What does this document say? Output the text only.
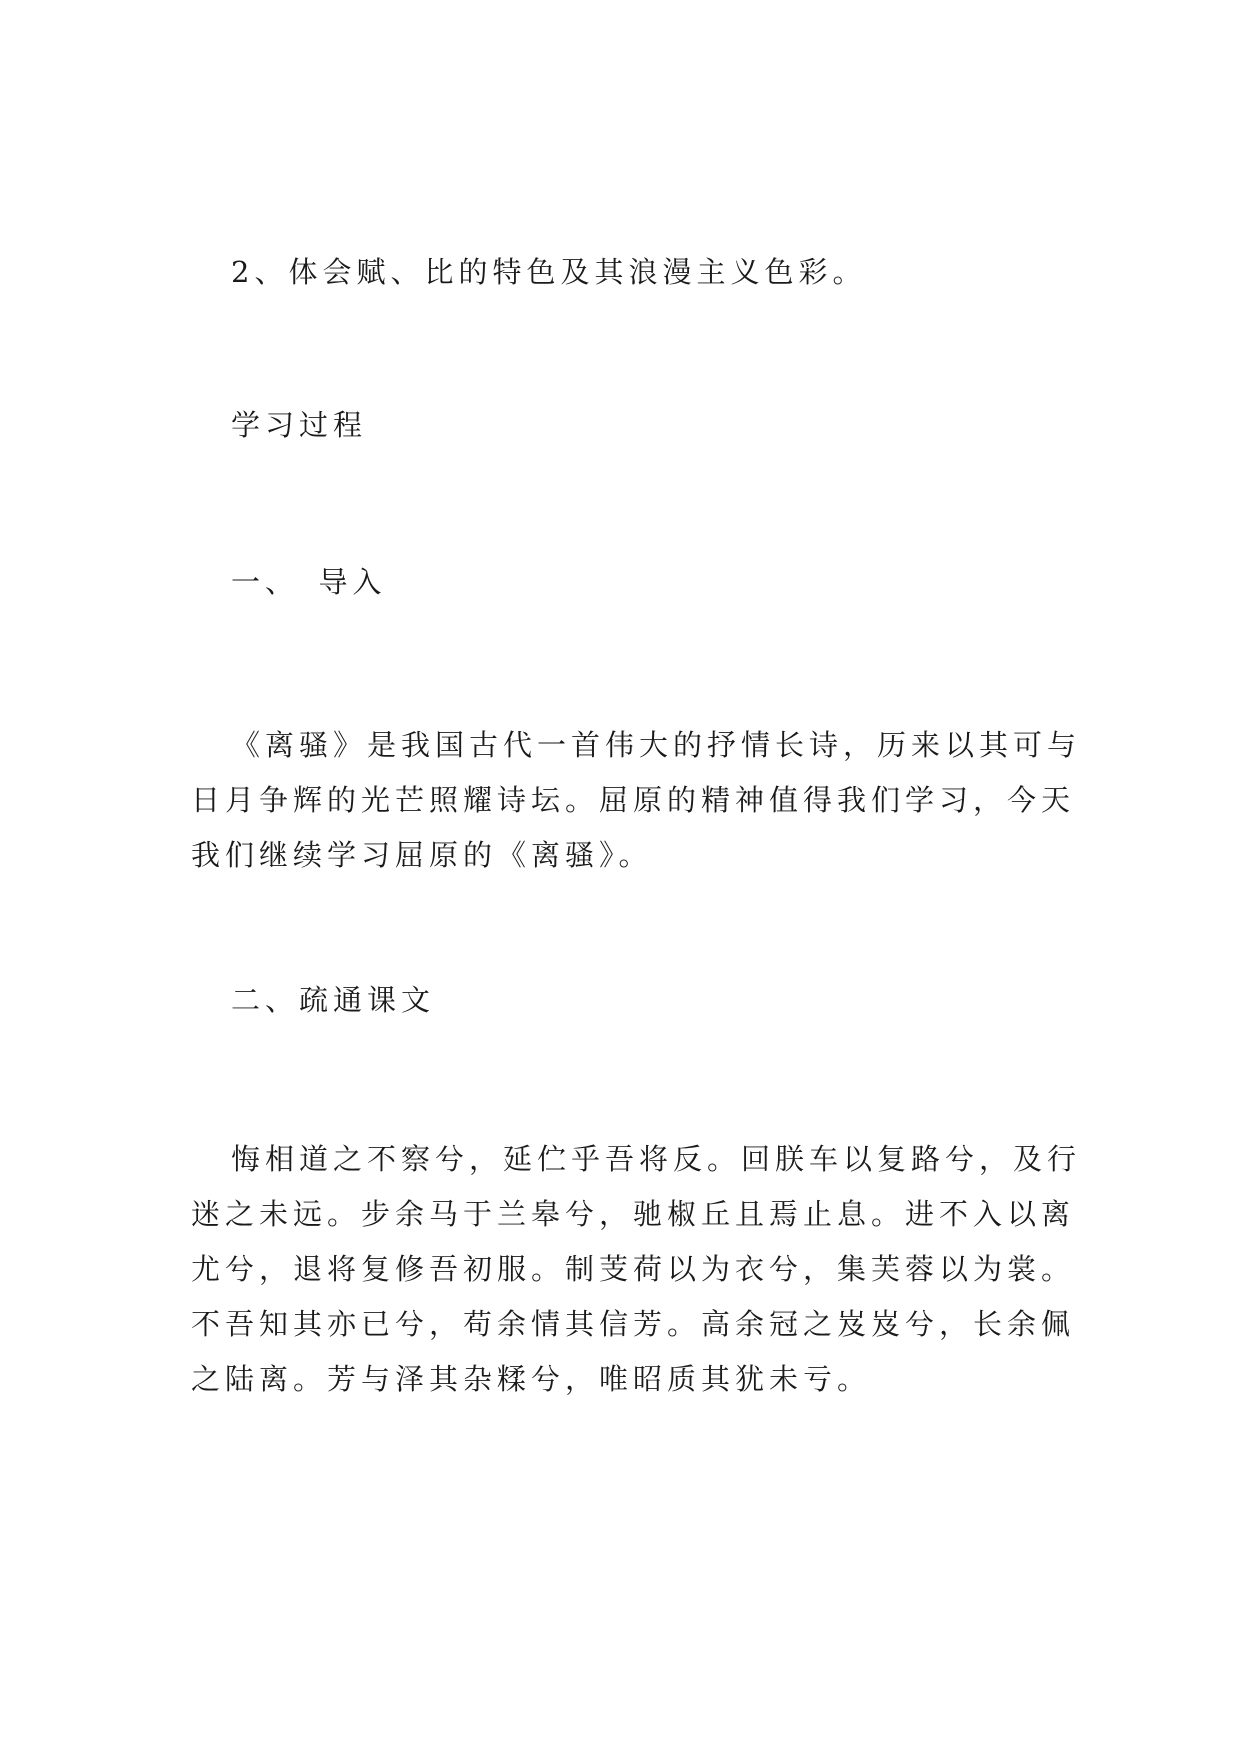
2、体会赋、比的特色及其浪漫主义色彩。
学习过程
一、　导入
《离骚》是我国古代一首伟大的抒情长诗，历来以其可与
日月争辉的光芒照耀诗坛。屈原的精神值得我们学习，今天
我们继续学习屈原的《离骚》。
二、疏通课文
悔相道之不察兮，延伫乎吾将反。回朕车以复路兮，及行
迷之未远。步余马于兰皋兮，驰椒丘且焉止息。进不入以离
尤兮，退将复修吾初服。制芰荷以为衣兮，集芙蓉以为裳。
不吾知其亦已兮，苟余情其信芳。高余冠之岌岌兮，长余佩
之陆离。芳与泽其杂糅兮，唯昭质其犹未亏。
